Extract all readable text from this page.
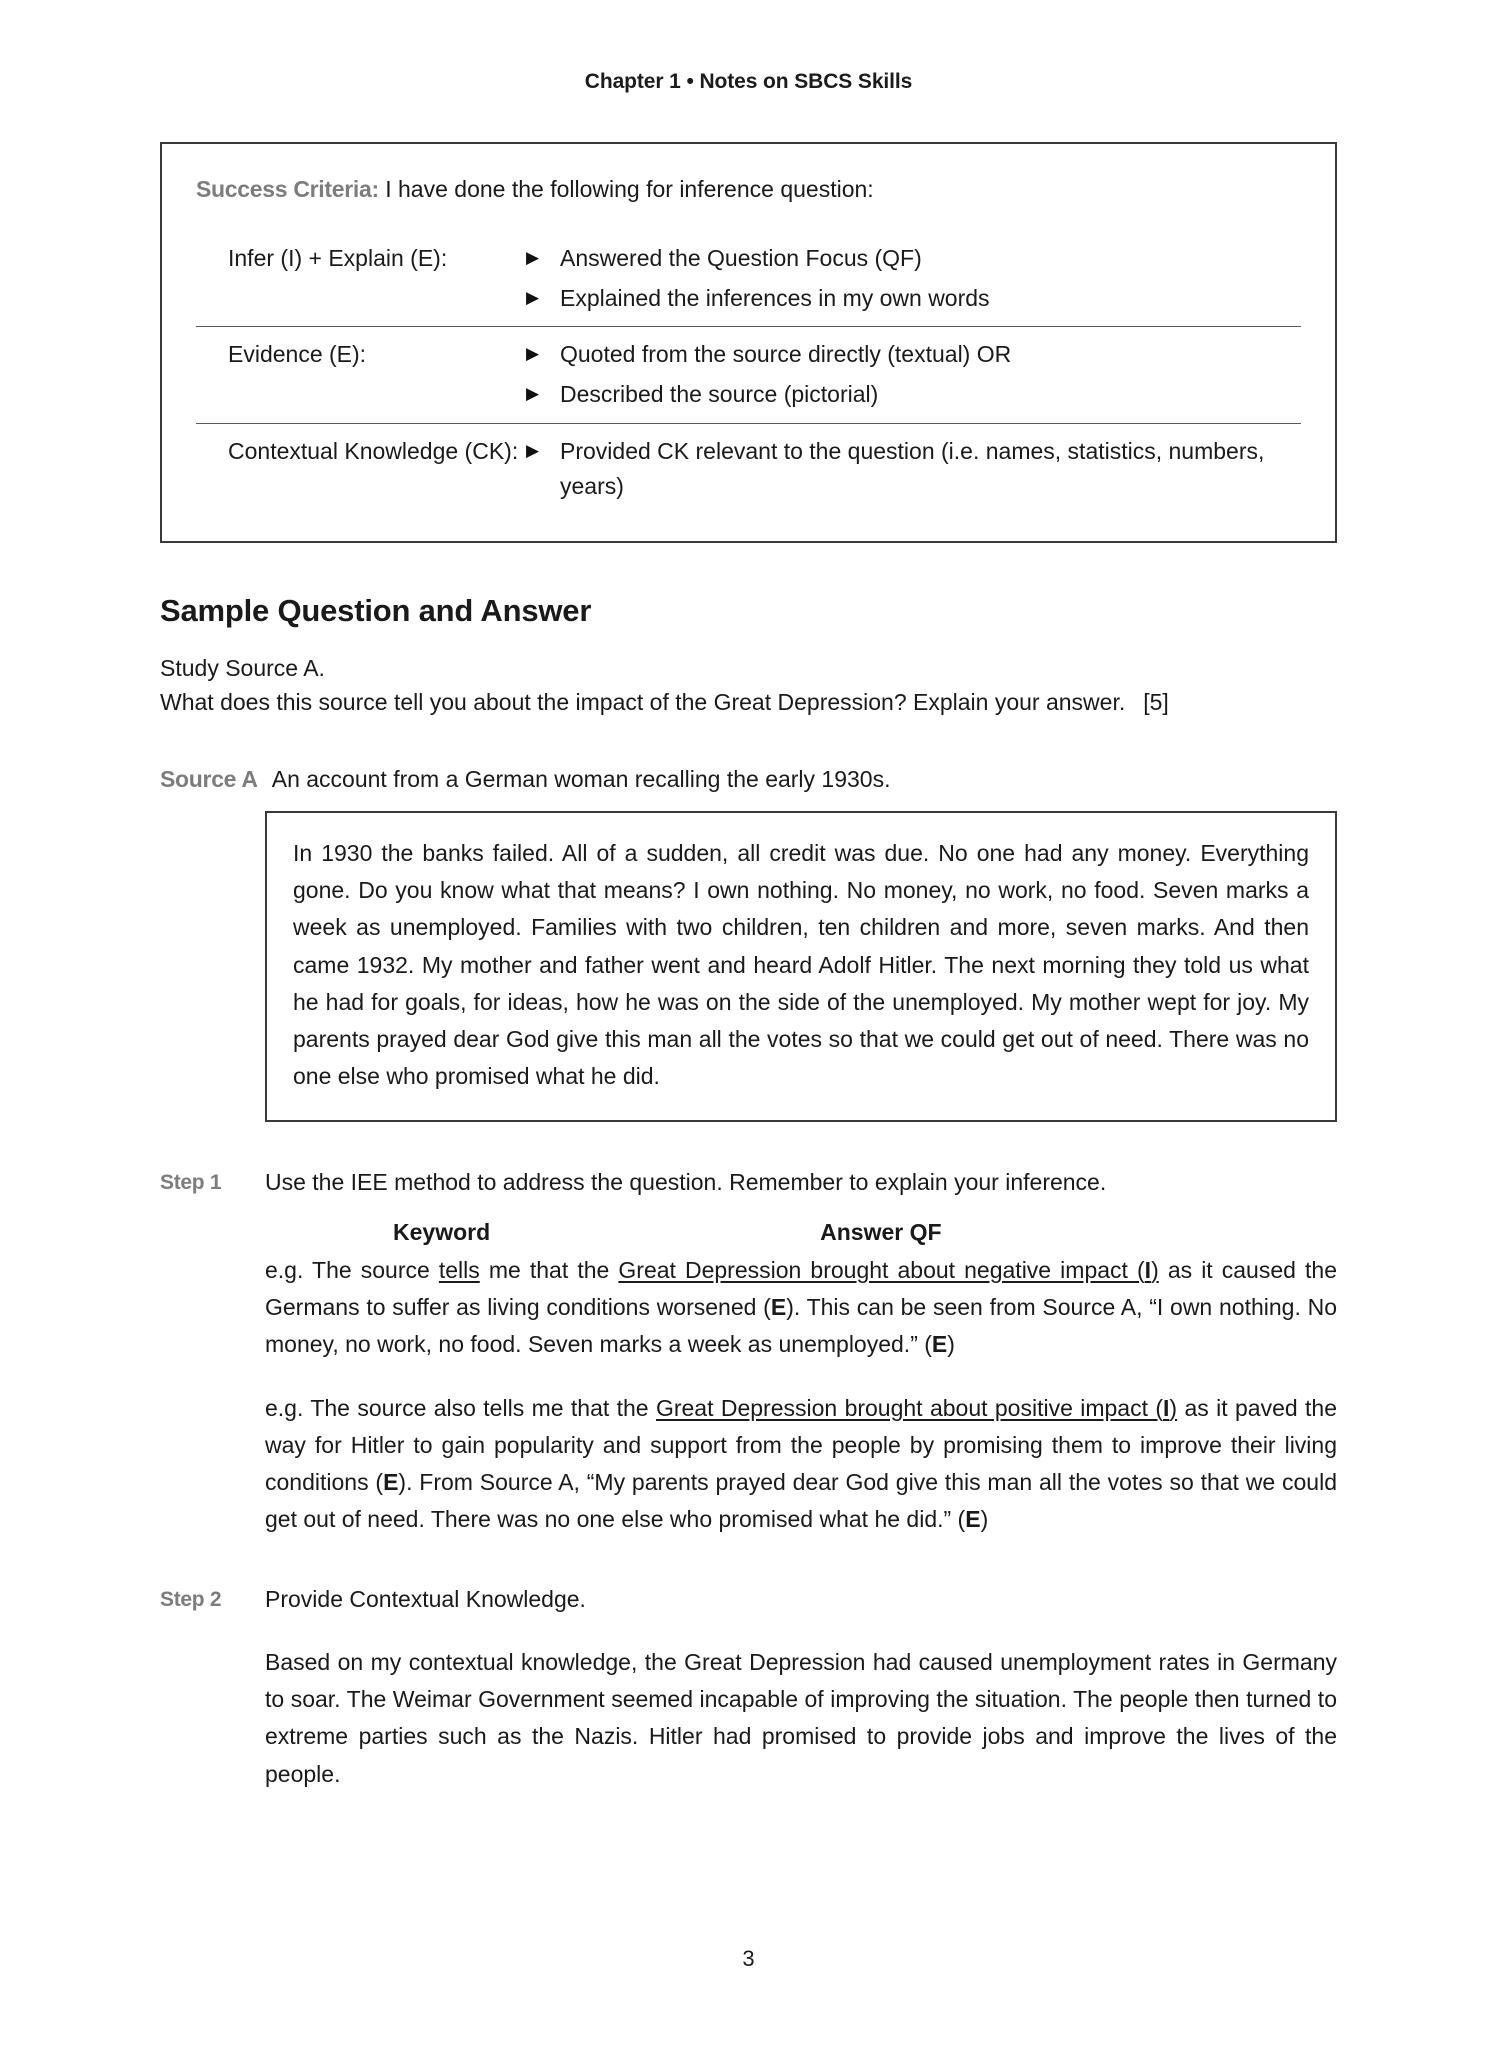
Chapter 1 • Notes on SBCS Skills
Success Criteria: I have done the following for inference question:
Infer (I) + Explain (E):	▶ Answered the Question Focus (QF)
▶ Explained the inferences in my own words
Evidence (E):	▶ Quoted from the source directly (textual) OR
▶ Described the source (pictorial)
Contextual Knowledge (CK): ▶ Provided CK relevant to the question (i.e. names, statistics, numbers, years)
Sample Question and Answer

Study Source A.

What does this source tell you about the impact of the Great Depression? Explain your answer. [5]

Source A An account from a German woman recalling the early 1930s.

In 1930 the banks failed. All of a sudden, all credit was due. No one had any money. Everything gone. Do you know what that means? I own nothing. No money, no work, no food. Seven marks a week as unemployed. Families with two children, ten children and more, seven marks. And then came 1932. My mother and father went and heard Adolf Hitler. The next morning they told us what he had for goals, for ideas, how he was on the side of the unemployed. My mother wept for joy. My parents prayed dear God give this man all the votes so that we could get out of need. There was no one else who promised what he did.

Step 1	Use the IEE method to address the question. Remember to explain your inference.

Keyword	Answer QF

e.g. The source tells me that the Great Depression brought about negative impact (I) as it caused the Germans to suffer as living conditions worsened (E). This can be seen from Source A, “I own nothing. No money, no work, no food. Seven marks a week as unemployed.” (E)

e.g. The source also tells me that the Great Depression brought about positive impact (I) as it paved the way for Hitler to gain popularity and support from the people by promising them to improve their living conditions (E). From Source A, “My parents prayed dear God give this man all the votes so that we could get out of need. There was no one else who promised what he did.” (E)

Step 2	Provide Contextual Knowledge.

Based on my contextual knowledge, the Great Depression had caused unemployment rates in Germany to soar. The Weimar Government seemed incapable of improving the situation. The people then turned to extreme parties such as the Nazis. Hitler had promised to provide jobs and improve the lives of the people.

3
